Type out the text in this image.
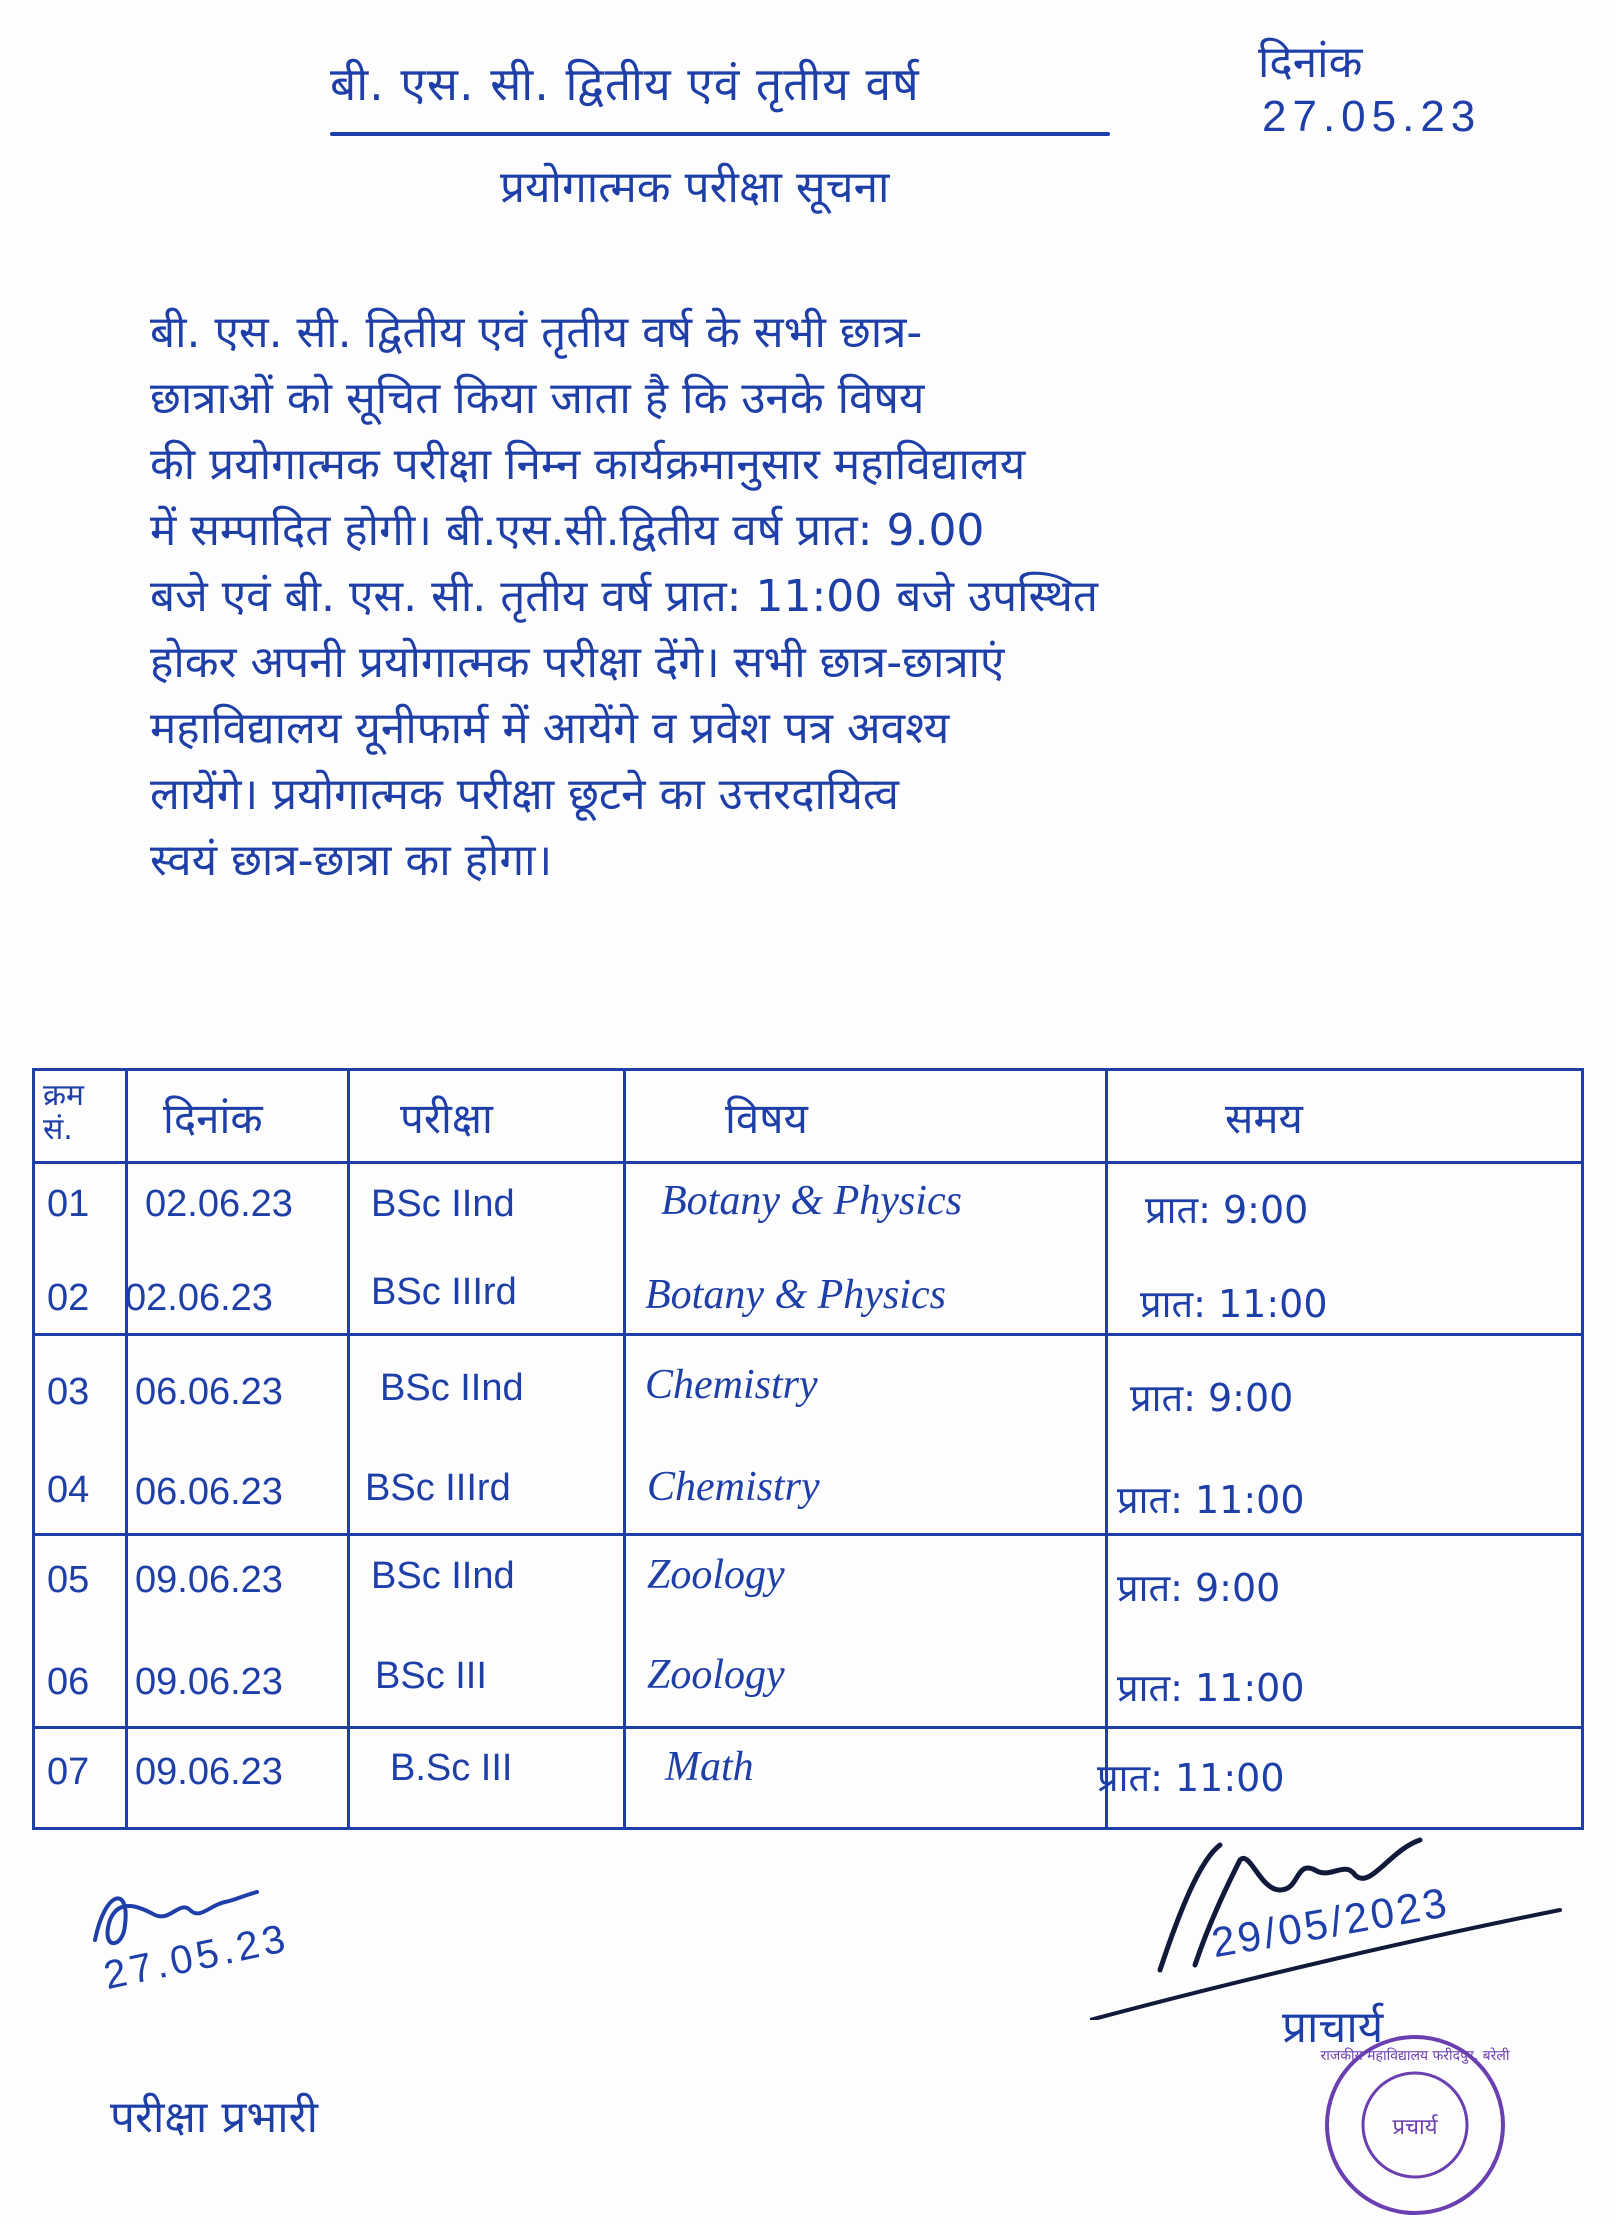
बी. एस. सी. द्वितीय एवं तृतीय वर्ष
प्रयोगात्मक परीक्षा सूचना
दिनांक
27.05.23
बी. एस. सी. द्वितीय एवं तृतीय वर्ष के सभी छात्र-
छात्राओं को सूचित किया जाता है कि उनके विषय
की प्रयोगात्मक परीक्षा निम्न कार्यक्रमानुसार महाविद्यालय
में सम्पादित होगी। बी.एस.सी.द्वितीय वर्ष प्रात: 9.00
बजे एवं बी. एस. सी. तृतीय वर्ष प्रात: 11:00 बजे उपस्थित
होकर अपनी प्रयोगात्मक परीक्षा देंगे। सभी छात्र-छात्राएं
महाविद्यालय यूनीफार्म में आयेंगे व प्रवेश पत्र अवश्य
लायेंगे। प्रयोगात्मक परीक्षा छूटने का उत्तरदायित्व
स्वयं छात्र-छात्रा का होगा।
क्रम सं.	दिनांक	परीक्षा	विषय	समय
01 02.06.23 BSc IInd	Botany & Physics	प्रात: 9:00
02 02.06.23	BSc IIIrd	Botany & Physics	प्रात: 11:00
03 06.06.23	BSc IInd	Chemistry	प्रात: 9:00
04 06.06.23 BSc IIIrd	Chemistry	प्रात: 11:00
05 09.06.23 BSc IInd	Zoology	प्रात: 9:00
06 09.06.23 BSc III	Zoology	प्रात: 11:00
07 09.06.23	B.Sc III	Math	प्रात: 11:00
27.05.23
परीक्षा प्रभारी
29/05/2023
प्राचार्य
प्रचार्य
राजकीय महाविद्यालय फरीदपुर, बरेली
